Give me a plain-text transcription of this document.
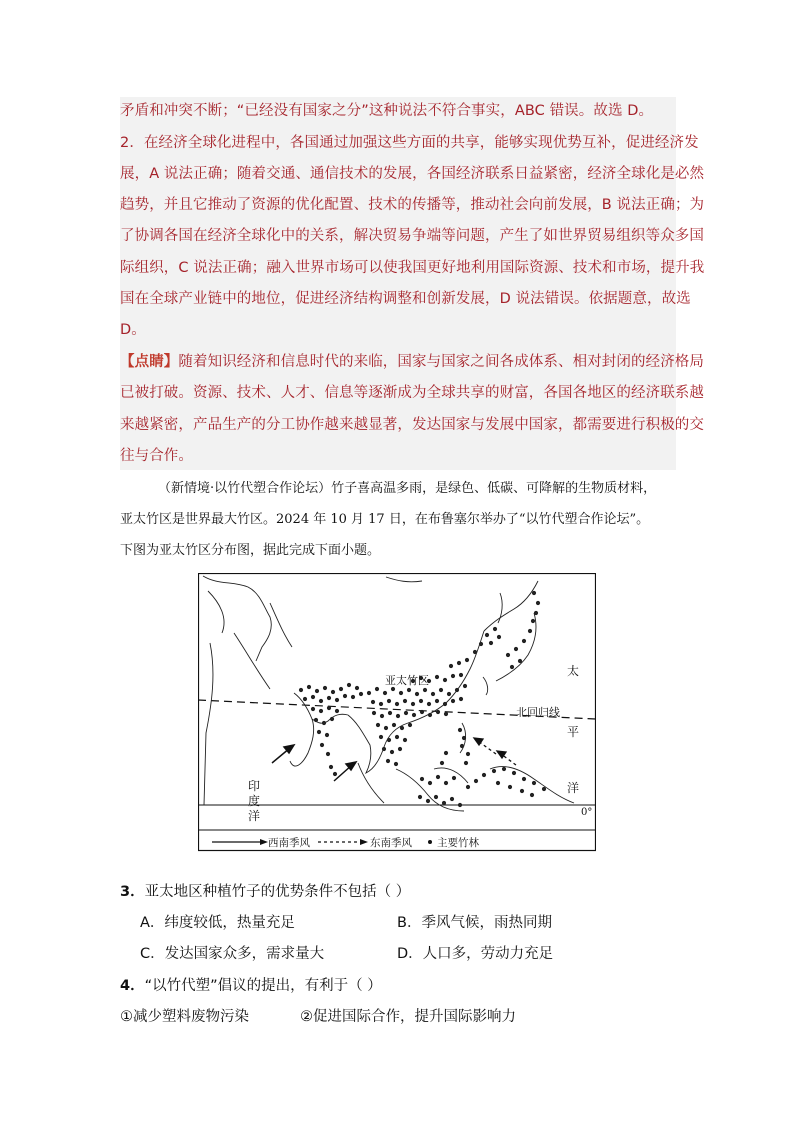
矛盾和冲突不断；“已经没有国家之分”这种说法不符合事实，ABC 错误。故选 D。
2．在经济全球化进程中，各国通过加强这些方面的共享，能够实现优势互补，促进经济发
展，A 说法正确；随着交通、通信技术的发展，各国经济联系日益紧密，经济全球化是必然
趋势，并且它推动了资源的优化配置、技术的传播等，推动社会向前发展，B 说法正确；为
了协调各国在经济全球化中的关系，解决贸易争端等问题，产生了如世界贸易组织等众多国
际组织，C 说法正确；融入世界市场可以使我国更好地利用国际资源、技术和市场，提升我
国在全球产业链中的地位，促进经济结构调整和创新发展，D 说法错误。依据题意，故选
D。
【点睛】随着知识经济和信息时代的来临，国家与国家之间各成体系、相对封闭的经济格局
已被打破。资源、技术、人才、信息等逐渐成为全球共享的财富，各国各地区的经济联系越
来越紧密，产品生产的分工协作越来越显著，发达国家与发展中国家，都需要进行积极的交
往与合作。
（新情境·以竹代塑合作论坛）竹子喜高温多雨，是绿色、低碳、可降解的生物质材料，
亚太竹区是世界最大竹区。2024 年 10 月 17 日，在布鲁塞尔举办了“以竹代塑合作论坛”。
下图为亚太竹区分布图，据此完成下面小题。
亚太竹区
北回归线
太
平
洋
印
度
洋	0°
西南季风	东南季风 主要竹林
3．亚太地区种植竹子的优势条件不包括（ ）
A．纬度较低，热量充足	B．季风气候，雨热同期
C．发达国家众多，需求量大	D．人口多，劳动力充足
4．“以竹代塑”倡议的提出，有利于（ ）
①减少塑料废物污染	②促进国际合作，提升国际影响力
